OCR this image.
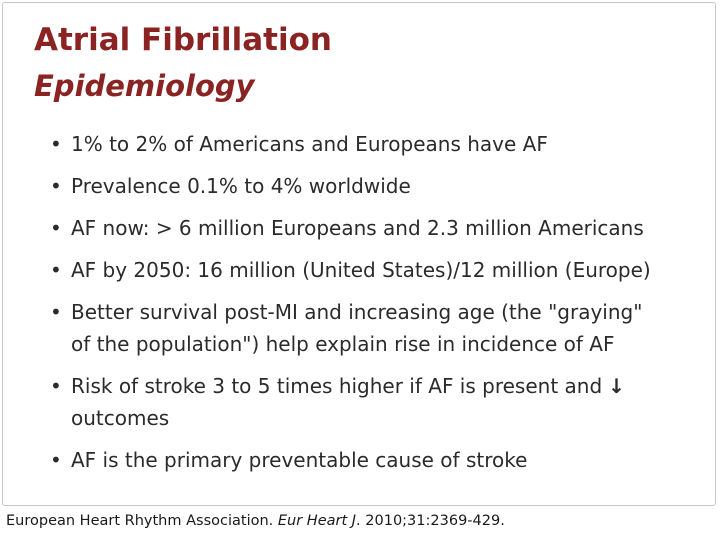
Atrial Fibrillation
Epidemiology
• 1% to 2% of Americans and Europeans have AF
• Prevalence 0.1% to 4% worldwide
• AF now: > 6 million Europeans and 2.3 million Americans
• AF by 2050: 16 million (United States)/12 million (Europe)
• Better survival post-MI and increasing age (the "graying"
of the population") help explain rise in incidence of AF
• Risk of stroke 3 to 5 times higher if AF is present and ↓
outcomes
• AF is the primary preventable cause of stroke

European Heart Rhythm Association. Eur Heart J. 2010;31:2369-429.
